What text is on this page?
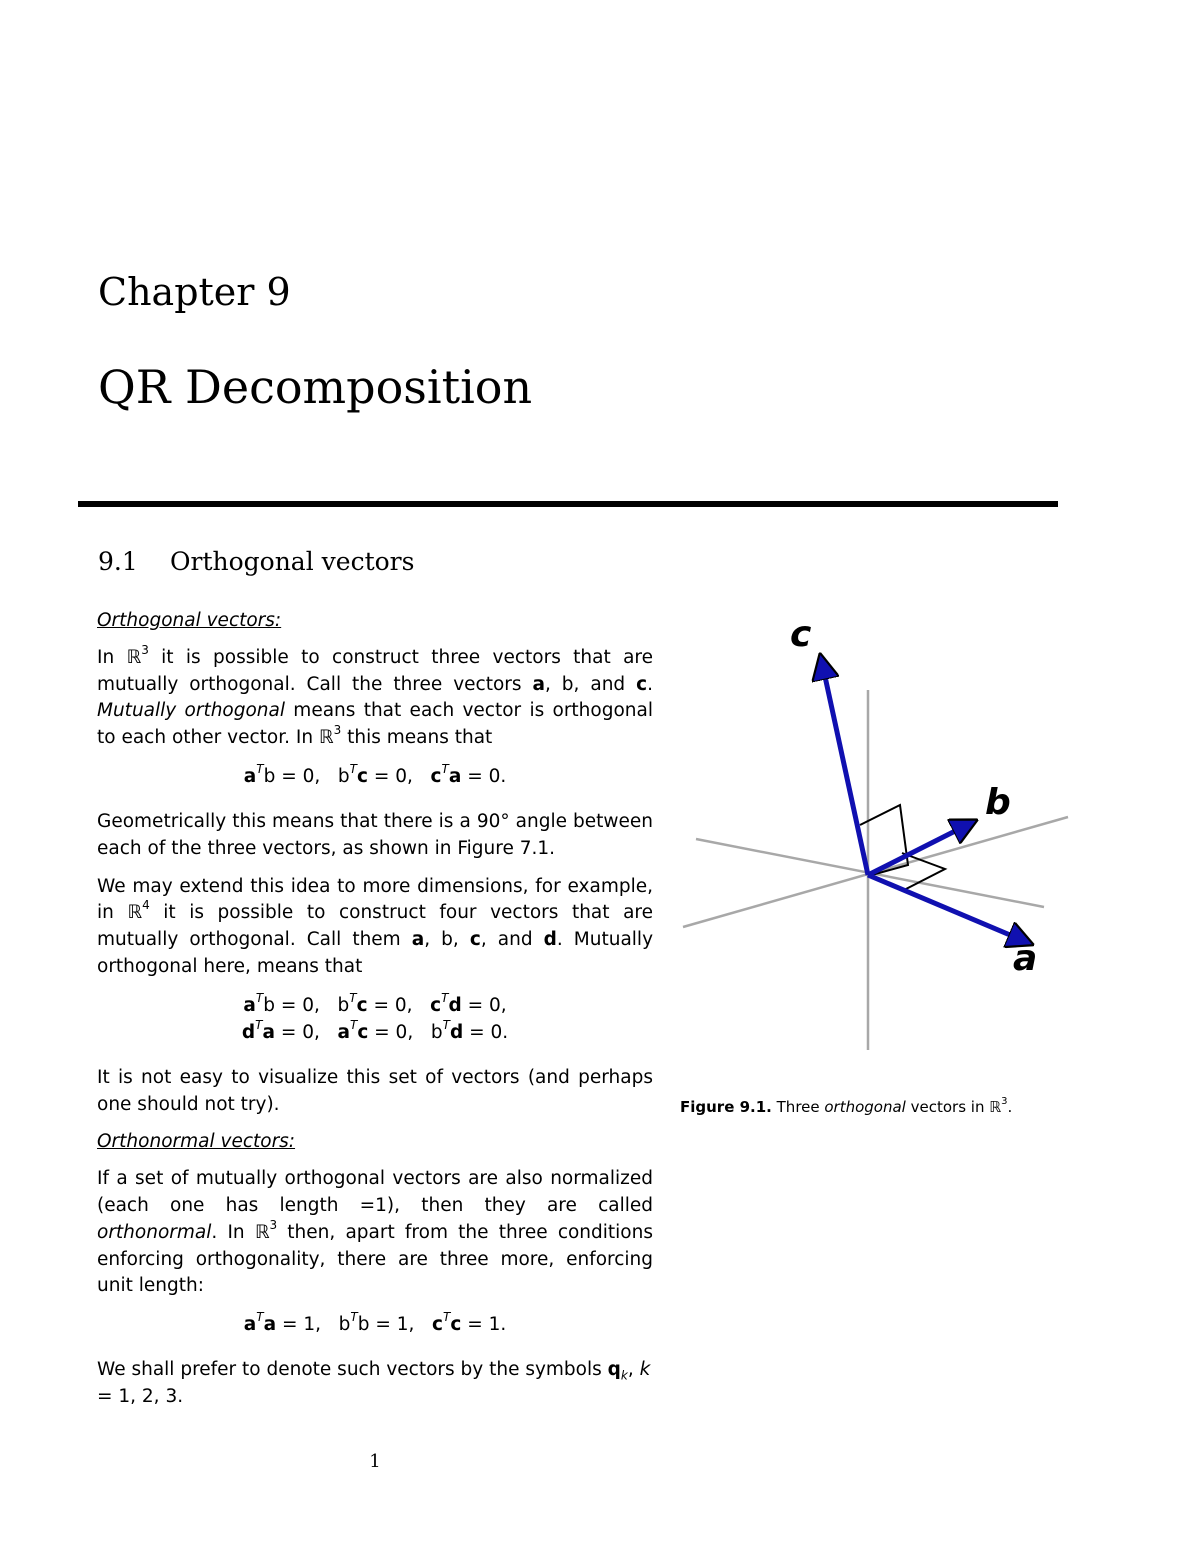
Chapter 9
QR Decomposition
9.1 Orthogonal vectors

Orthogonal vectors:

In ℝ$^3$ it is possible to construct three vectors that are mutually orthogonal. Call the three vectors a, b, and c. Mutually orthogonal means that each vector is orthogonal to each other vector. In ℝ$^3$ this means that

$a^Tb = 0$,   $b^Tc = 0$,   $c^Ta = 0$.

Geometrically this means that there is a 90° angle between each of the three vectors, as shown in Figure 7.1.

We may extend this idea to more dimensions, for example, in ℝ$^4$ it is possible to construct four vectors that are mutually orthogonal. Call them a, b, c, and d. Mutually orthogonal here, means that

$a^Tb = 0$,   $b^Tc = 0$,   $c^Td = 0$,
$d^Ta = 0$,   $a^Tc = 0$,   $b^Td = 0$.

It is not easy to visualize this set of vectors (and perhaps one should not try).

Orthonormal vectors:

If a set of mutually orthogonal vectors are also normalized (each one has length =1), then they are called orthonormal. In ℝ$^3$ then, apart from the three conditions enforcing orthogonality, there are three more, enforcing unit length:

$a^Ta = 1$,   $b^Tb = 1$,   $c^Tc = 1$.

We shall prefer to denote such vectors by the symbols $q_k$, k = 1, 2, 3.

c
b
a
Figure 9.1. Three orthogonal vectors in ℝ$^3$.
1
